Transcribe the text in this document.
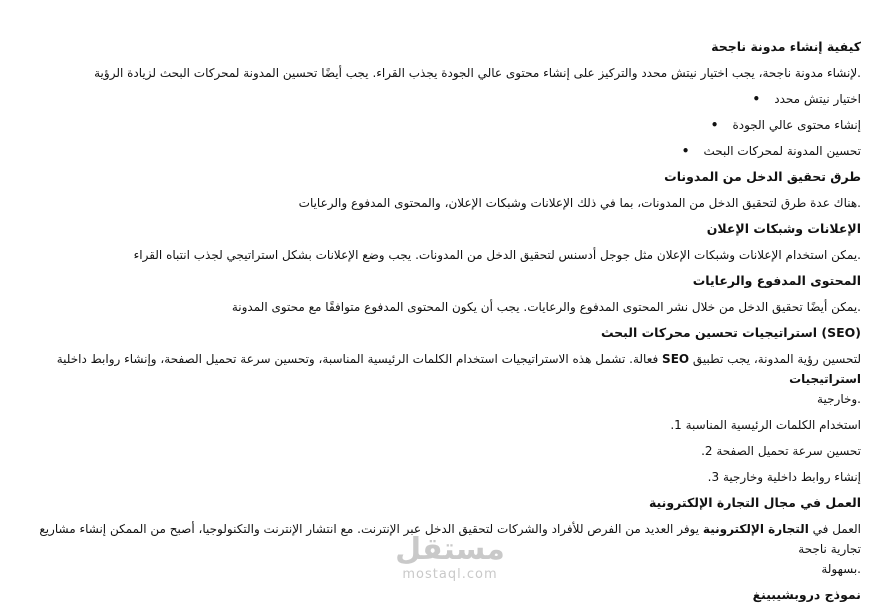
كيفية إنشاء مدونة ناجحة
.لإنشاء مدونة ناجحة، يجب اختيار نيتش محدد والتركيز على إنشاء محتوى عالي الجودة يجذب القراء. يجب أيضًا تحسين المدونة لمحركات البحث لزيادة الرؤية
اختيار نيتش محدد•
إنشاء محتوى عالي الجودة•
تحسين المدونة لمحركات البحث•
طرق تحقيق الدخل من المدونات
.هناك عدة طرق لتحقيق الدخل من المدونات، بما في ذلك الإعلانات وشبكات الإعلان، والمحتوى المدفوع والرعايات
الإعلانات وشبكات الإعلان
.يمكن استخدام الإعلانات وشبكات الإعلان مثل جوجل أدسنس لتحقيق الدخل من المدونات. يجب وضع الإعلانات بشكل استراتيجي لجذب انتباه القراء
المحتوى المدفوع والرعايات
.يمكن أيضًا تحقيق الدخل من خلال نشر المحتوى المدفوع والرعايات. يجب أن يكون المحتوى المدفوع متوافقًا مع محتوى المدونة
(SEO) استراتيجيات تحسين محركات البحث
لتحسين رؤية المدونة، يجب تطبيق SEO فعالة. تشمل هذه الاستراتيجيات استخدام الكلمات الرئيسية المناسبة، وتحسين سرعة تحميل الصفحة، وإنشاء روابط داخلية استراتيجيات
.وخارجية
استخدام الكلمات الرئيسية المناسبة 1.
تحسين سرعة تحميل الصفحة 2.
إنشاء روابط داخلية وخارجية 3.
العمل في مجال التجارة الإلكترونية
العمل في التجارة الإلكترونية يوفر العديد من الفرص للأفراد والشركات لتحقيق الدخل عبر الإنترنت. مع انتشار الإنترنت والتكنولوجيا، أصبح من الممكن إنشاء مشاريع تجارية ناجحة
.بسهولة
نموذج دروبشيبينغ
مستقل
mostaql.com
